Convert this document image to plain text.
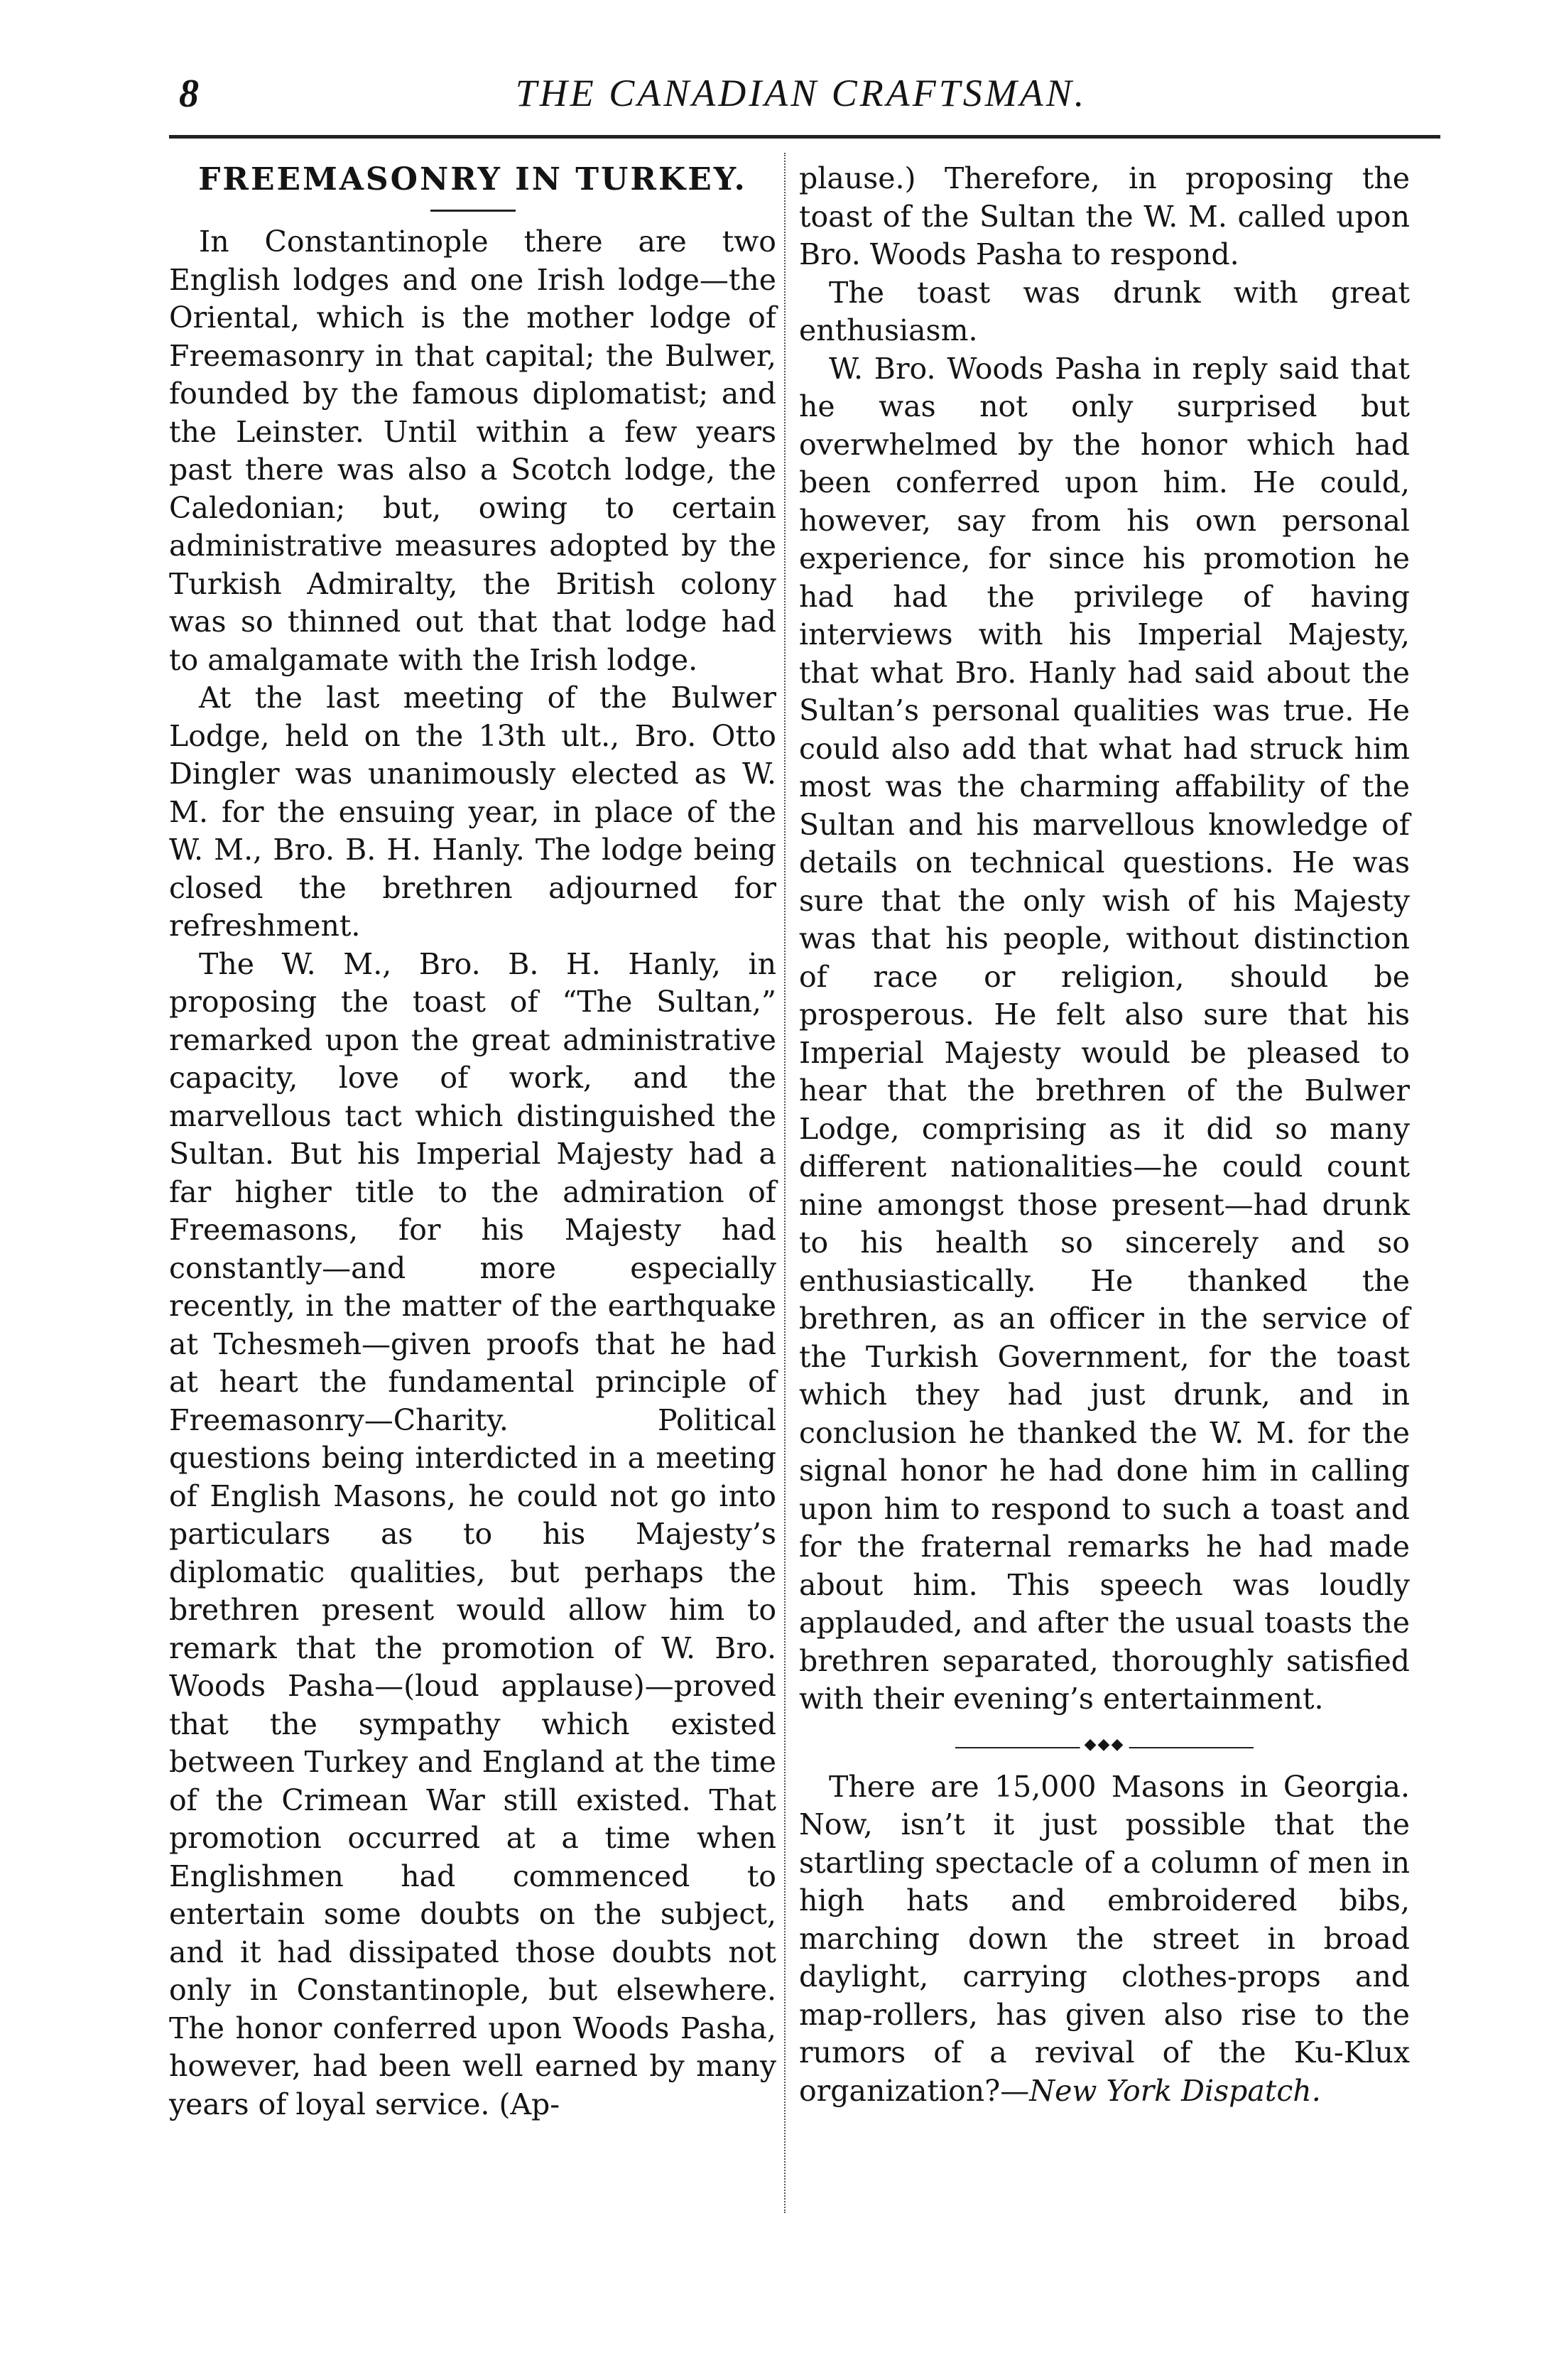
8	THE CANADIAN CRAFTSMAN.
FREEMASONRY IN TURKEY.

In Constantinople there are two English lodges and one Irish lodge—the Oriental, which is the mother lodge of Freemasonry in that capital; the Bulwer, founded by the famous diplomatist; and the Leinster. Until within a few years past there was also a Scotch lodge, the Caledonian; but, owing to certain administrative measures adopted by the Turkish Admiralty, the British colony was so thinned out that that lodge had to amalgamate with the Irish lodge.

At the last meeting of the Bulwer Lodge, held on the 13th ult., Bro. Otto Dingler was unanimously elected as W. M. for the ensuing year, in place of the W. M., Bro. B. H. Hanly. The lodge being closed the brethren adjourned for refreshment.

The W. M., Bro. B. H. Hanly, in proposing the toast of “The Sultan,” remarked upon the great administrative capacity, love of work, and the marvellous tact which distinguished the Sultan. But his Imperial Majesty had a far higher title to the admiration of Freemasons, for his Majesty had constantly—and more especially recently, in the matter of the earthquake at Tchesmeh—given proofs that he had at heart the fundamental principle of Freemasonry—Charity. Political questions being interdicted in a meeting of English Masons, he could not go into particulars as to his Majesty’s diplomatic qualities, but perhaps the brethren present would allow him to remark that the promotion of W. Bro. Woods Pasha—(loud applause)—proved that the sympathy which existed between Turkey and England at the time of the Crimean War still existed. That promotion occurred at a time when Englishmen had commenced to entertain some doubts on the subject, and it had dissipated those doubts not only in Constantinople, but elsewhere. The honor conferred upon Woods Pasha, however, had been well earned by many years of loyal service. (Ap-

plause.) Therefore, in proposing the toast of the Sultan the W. M. called upon Bro. Woods Pasha to respond.

The toast was drunk with great enthusiasm.

W. Bro. Woods Pasha in reply said that he was not only surprised but overwhelmed by the honor which had been conferred upon him. He could, however, say from his own personal experience, for since his promotion he had had the privilege of having interviews with his Imperial Majesty, that what Bro. Hanly had said about the Sultan’s personal qualities was true. He could also add that what had struck him most was the charming affability of the Sultan and his marvellous knowledge of details on technical questions. He was sure that the only wish of his Majesty was that his people, without distinction of race or religion, should be prosperous. He felt also sure that his Imperial Majesty would be pleased to hear that the brethren of the Bulwer Lodge, comprising as it did so many different nationalities—he could count nine amongst those present—had drunk to his health so sincerely and so enthusiastically. He thanked the brethren, as an officer in the service of the Turkish Government, for the toast which they had just drunk, and in conclusion he thanked the W. M. for the signal honor he had done him in calling upon him to respond to such a toast and for the fraternal remarks he had made about him. This speech was loudly applauded, and after the usual toasts the brethren separated, thoroughly satisfied with their evening’s entertainment.

◆◆◆

There are 15,000 Masons in Georgia. Now, isn’t it just possible that the startling spectacle of a column of men in high hats and embroidered bibs, marching down the street in broad daylight, carrying clothes-props and map-rollers, has given also rise to the rumors of a revival of the Ku-Klux organization?—New York Dispatch.
